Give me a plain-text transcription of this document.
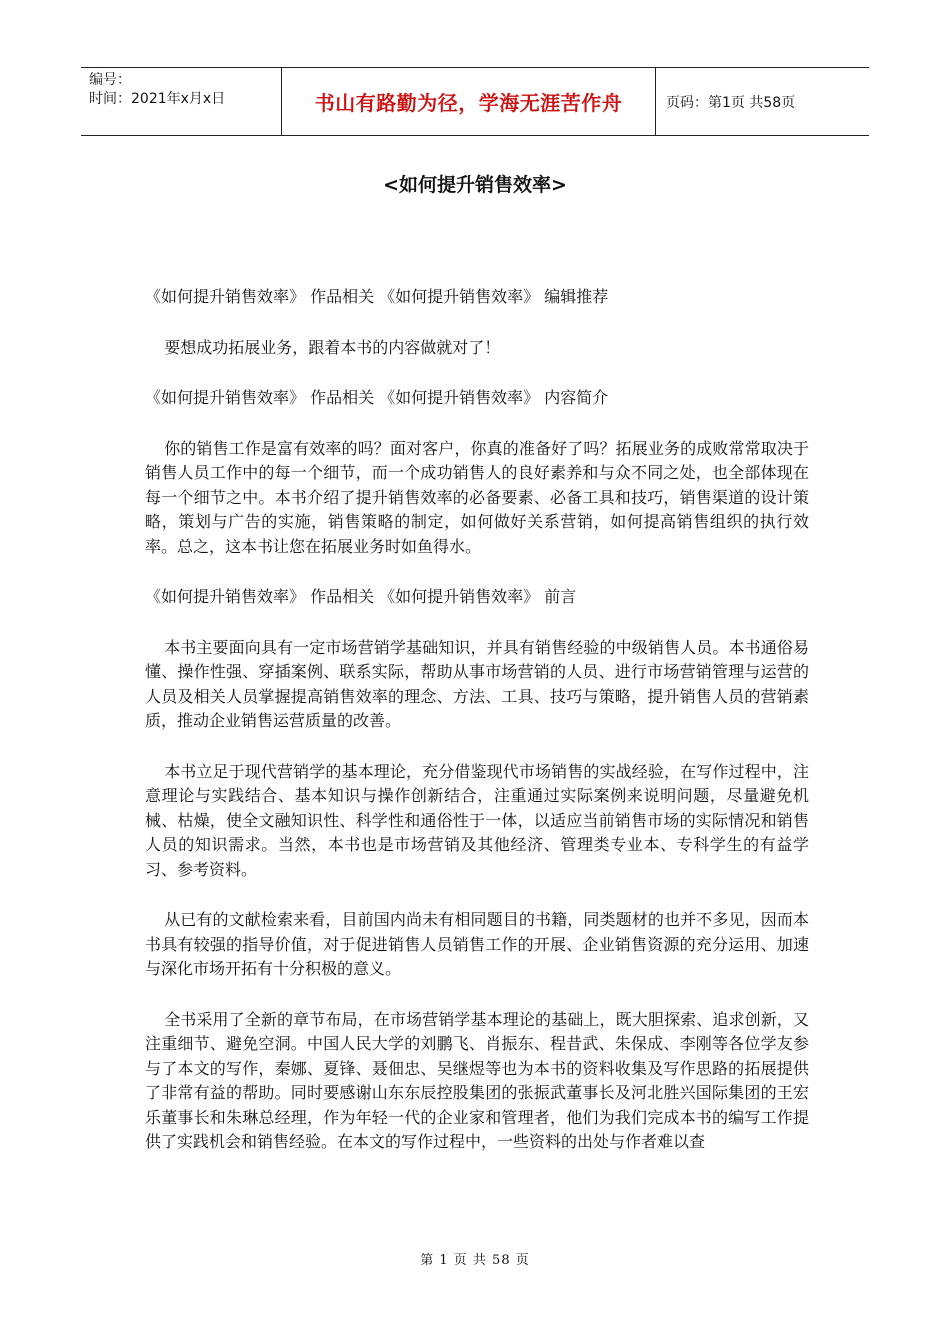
编号：
时间：2021年x月x日	书山有路勤为径，学海无涯苦作舟	页码：第1页 共58页
<如何提升销售效率>

《如何提升销售效率》 作品相关 《如何提升销售效率》 编辑推荐

要想成功拓展业务，跟着本书的内容做就对了！

《如何提升销售效率》 作品相关 《如何提升销售效率》 内容简介

你的销售工作是富有效率的吗？面对客户，你真的准备好了吗？拓展业务的成败常常取决于销售人员工作中的每一个细节，而一个成功销售人的良好素养和与众不同之处，也全部体现在每一个细节之中。本书介绍了提升销售效率的必备要素、必备工具和技巧，销售渠道的设计策略，策划与广告的实施，销售策略的制定，如何做好关系营销，如何提高销售组织的执行效率。总之，这本书让您在拓展业务时如鱼得水。

《如何提升销售效率》 作品相关 《如何提升销售效率》 前言

本书主要面向具有一定市场营销学基础知识，并具有销售经验的中级销售人员。本书通俗易懂、操作性强、穿插案例、联系实际，帮助从事市场营销的人员、进行市场营销管理与运营的人员及相关人员掌握提高销售效率的理念、方法、工具、技巧与策略，提升销售人员的营销素质，推动企业销售运营质量的改善。

本书立足于现代营销学的基本理论，充分借鉴现代市场销售的实战经验，在写作过程中，注意理论与实践结合、基本知识与操作创新结合，注重通过实际案例来说明问题，尽量避免机械、枯燥，使全文融知识性、科学性和通俗性于一体，以适应当前销售市场的实际情况和销售人员的知识需求。当然，本书也是市场营销及其他经济、管理类专业本、专科学生的有益学习、参考资料。

从已有的文献检索来看，目前国内尚未有相同题目的书籍，同类题材的也并不多见，因而本书具有较强的指导价值，对于促进销售人员销售工作的开展、企业销售资源的充分运用、加速与深化市场开拓有十分积极的意义。

全书采用了全新的章节布局，在市场营销学基本理论的基础上，既大胆探索、追求创新，又注重细节、避免空洞。中国人民大学的刘鹏飞、肖振东、程昔武、朱保成、李刚等各位学友参与了本文的写作，秦娜、夏锋、聂佃忠、吴继煜等也为本书的资料收集及写作思路的拓展提供了非常有益的帮助。同时要感谢山东东辰控股集团的张振武董事长及河北胜兴国际集团的王宏乐董事长和朱琳总经理，作为年轻一代的企业家和管理者，他们为我们完成本书的编写工作提供了实践机会和销售经验。在本文的写作过程中，一些资料的出处与作者难以查

第 1 页 共 58 页
